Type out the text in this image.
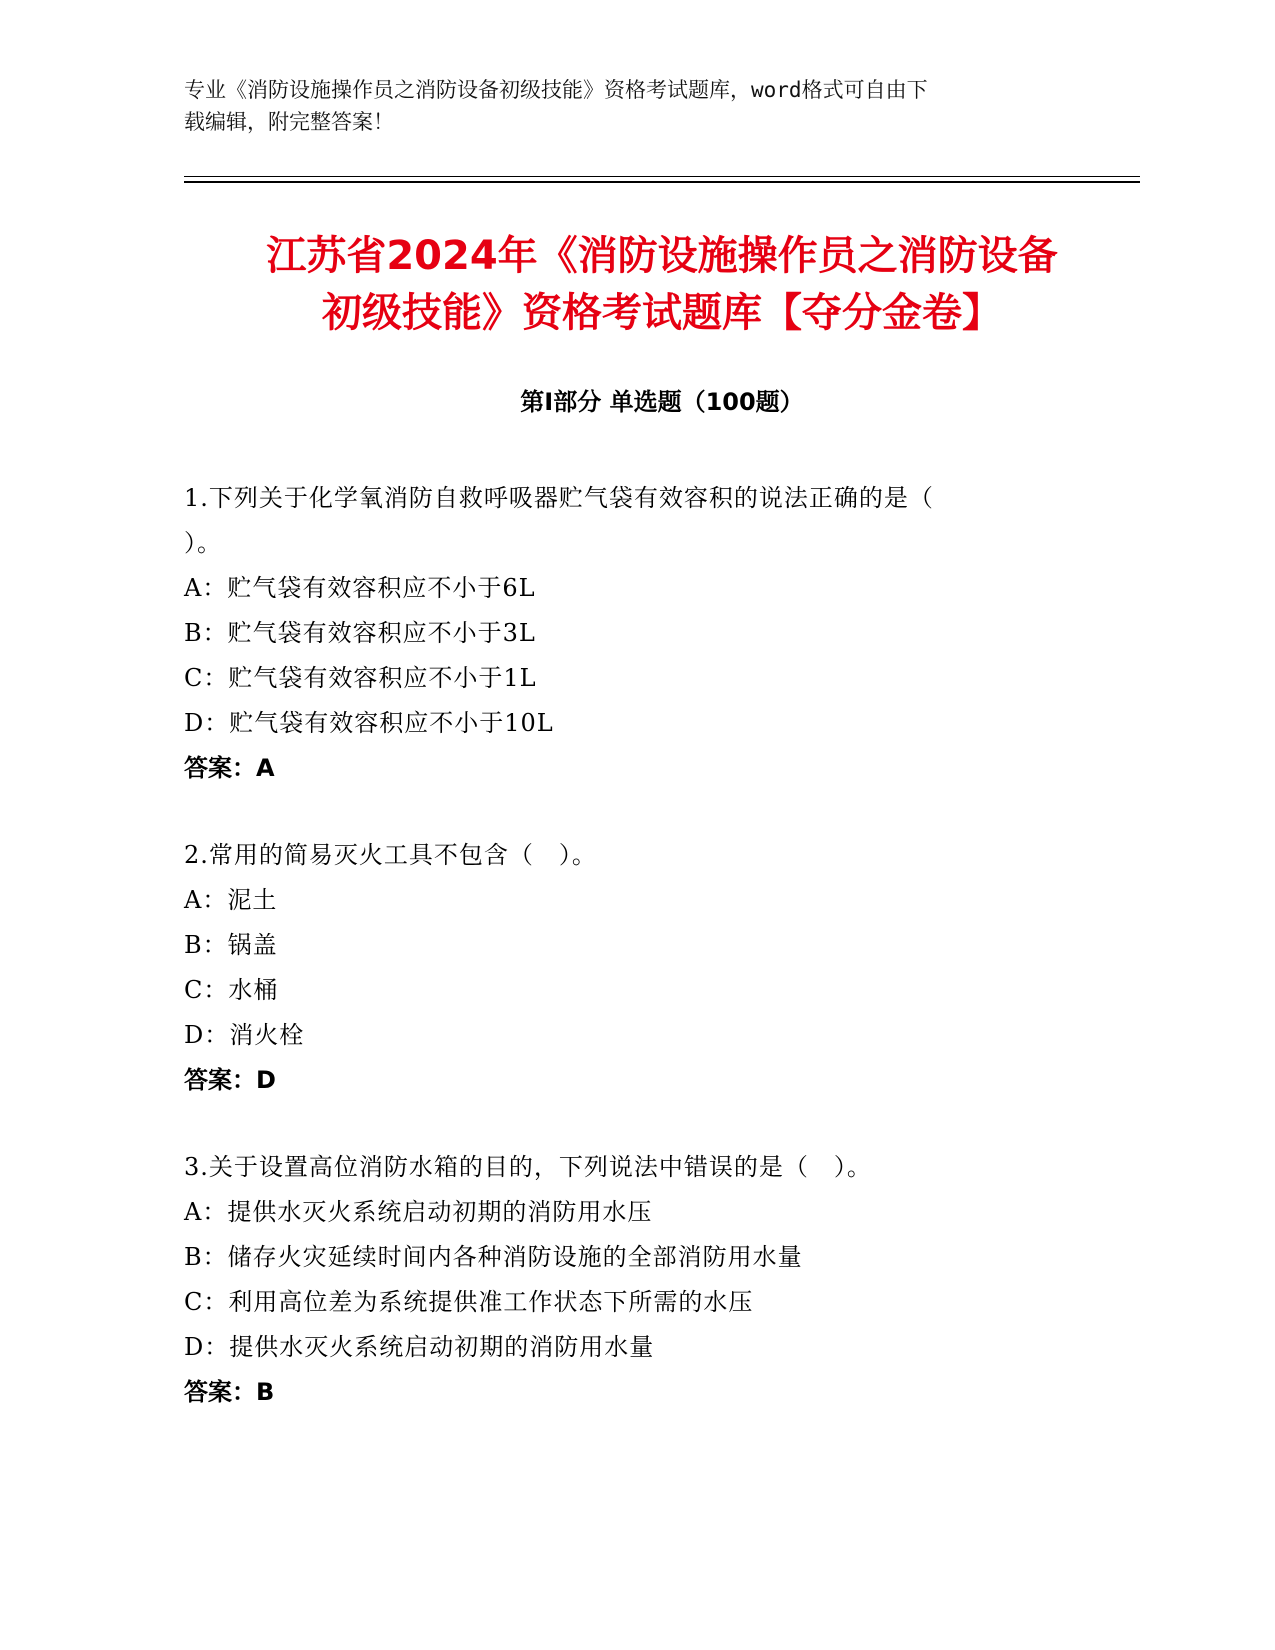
专业《消防设施操作员之消防设备初级技能》资格考试题库，word格式可自由下
载编辑，附完整答案！
江苏省2024年《消防设施操作员之消防设备
初级技能》资格考试题库【夺分金卷】
第Ⅰ部分 单选题（100题）

1.下列关于化学氧消防自救呼吸器贮气袋有效容积的说法正确的是（

）。

A：贮气袋有效容积应不小于6L

B：贮气袋有效容积应不小于3L

C：贮气袋有效容积应不小于1L

D：贮气袋有效容积应不小于10L

答案：A

2.常用的简易灭火工具不包含（　）。

A：泥土

B：锅盖

C：水桶

D：消火栓

答案：D

3.关于设置高位消防水箱的目的，下列说法中错误的是（　）。

A：提供水灭火系统启动初期的消防用水压

B：储存火灾延续时间内各种消防设施的全部消防用水量

C：利用高位差为系统提供准工作状态下所需的水压

D：提供水灭火系统启动初期的消防用水量

答案：B
